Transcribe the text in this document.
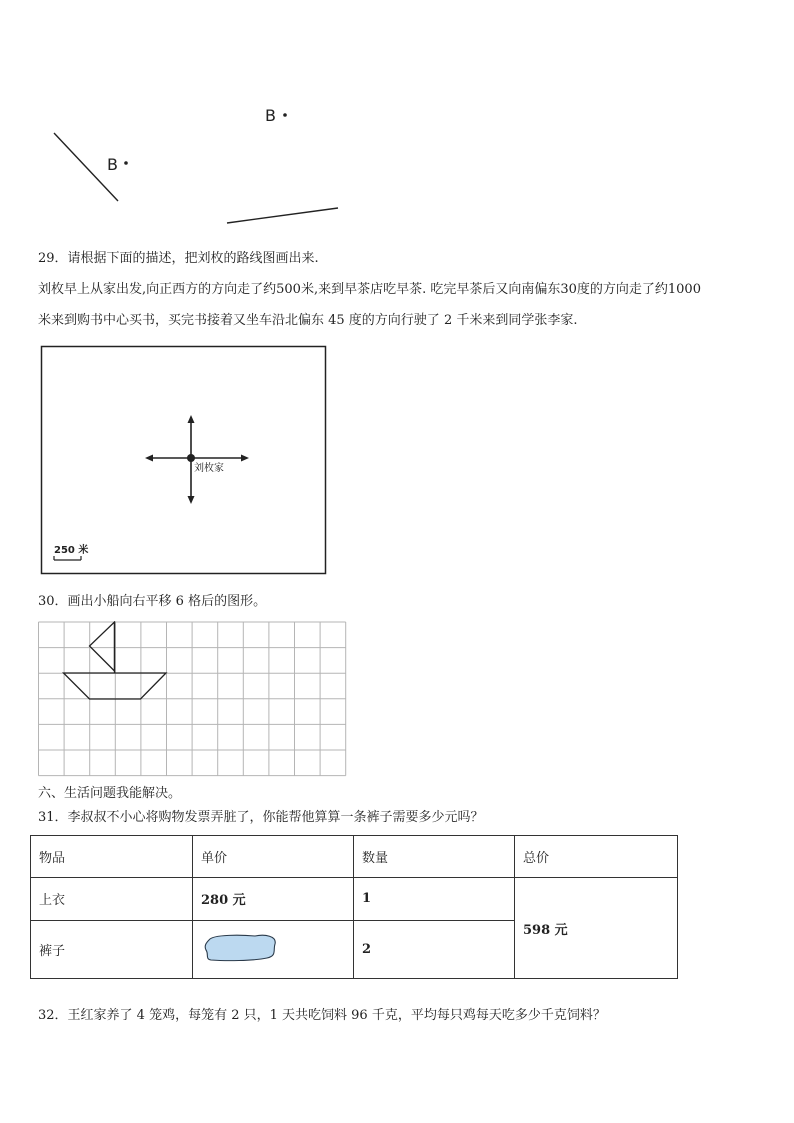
B
B
29．请根据下面的描述，把刘枚的路线图画出来.
刘枚早上从家出发,向正西方的方向走了约500米,来到早茶店吃早茶. 吃完早茶后又向南偏东30度的方向走了约1000
米来到购书中心买书，买完书接着又坐车沿北偏东 45 度的方向行驶了 2 千米来到同学张李家.
刘枚家
250 米
30．画出小船向右平移 6 格后的图形。
六、生活问题我能解决。
31．李叔叔不小心将购物发票弄脏了，你能帮他算算一条裤子需要多少元吗？
物品	单价	数量	总价
上衣	280 元	1	598 元
裤子		2	
32．王红家养了 4 笼鸡，每笼有 2 只，1 天共吃饲料 96 千克，平均每只鸡每天吃多少千克饲料？
